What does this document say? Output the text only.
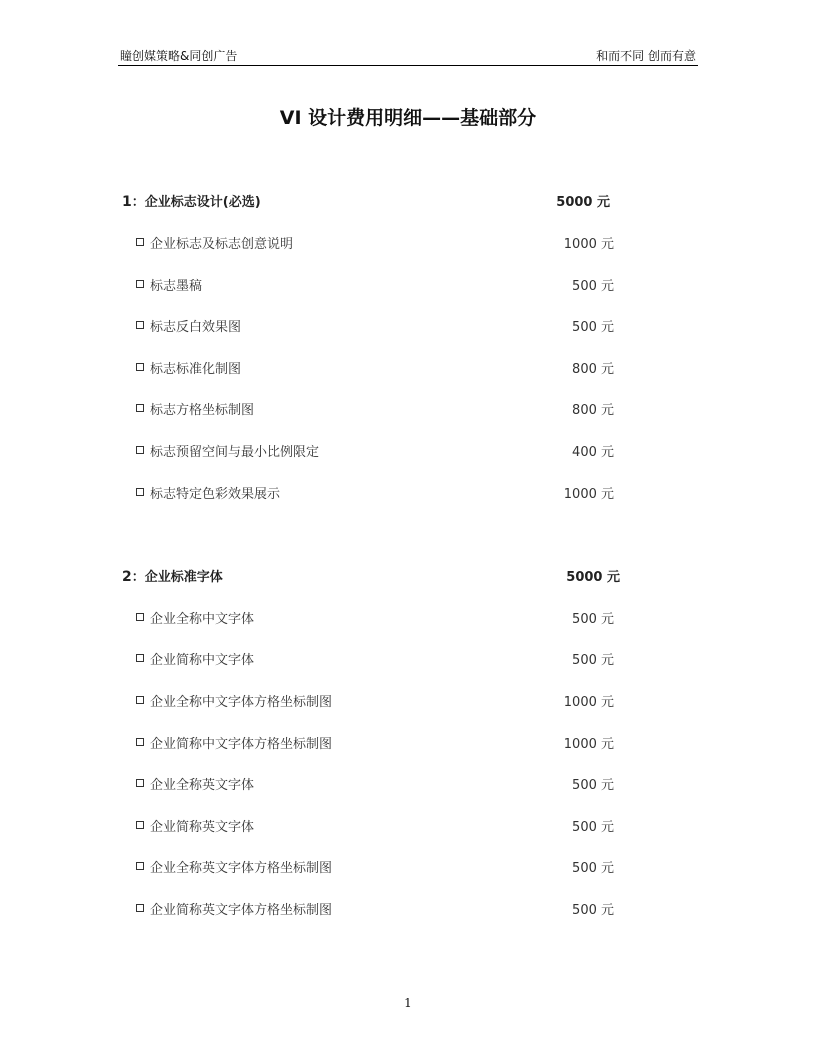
瞳创媒策略&同创广告	和而不同 创而有意
VI 设计费用明细——基础部分
1：企业标志设计(必选)	5000 元
企业标志及标志创意说明	1000 元
标志墨稿	500 元
标志反白效果图	500 元
标志标准化制图	800 元
标志方格坐标制图	800 元
标志预留空间与最小比例限定	400 元
标志特定色彩效果展示	1000 元
2：企业标准字体	5000 元
企业全称中文字体	500 元
企业简称中文字体	500 元
企业全称中文字体方格坐标制图	1000 元
企业简称中文字体方格坐标制图	1000 元
企业全称英文字体	500 元
企业简称英文字体	500 元
企业全称英文字体方格坐标制图	500 元
企业简称英文字体方格坐标制图	500 元
1
